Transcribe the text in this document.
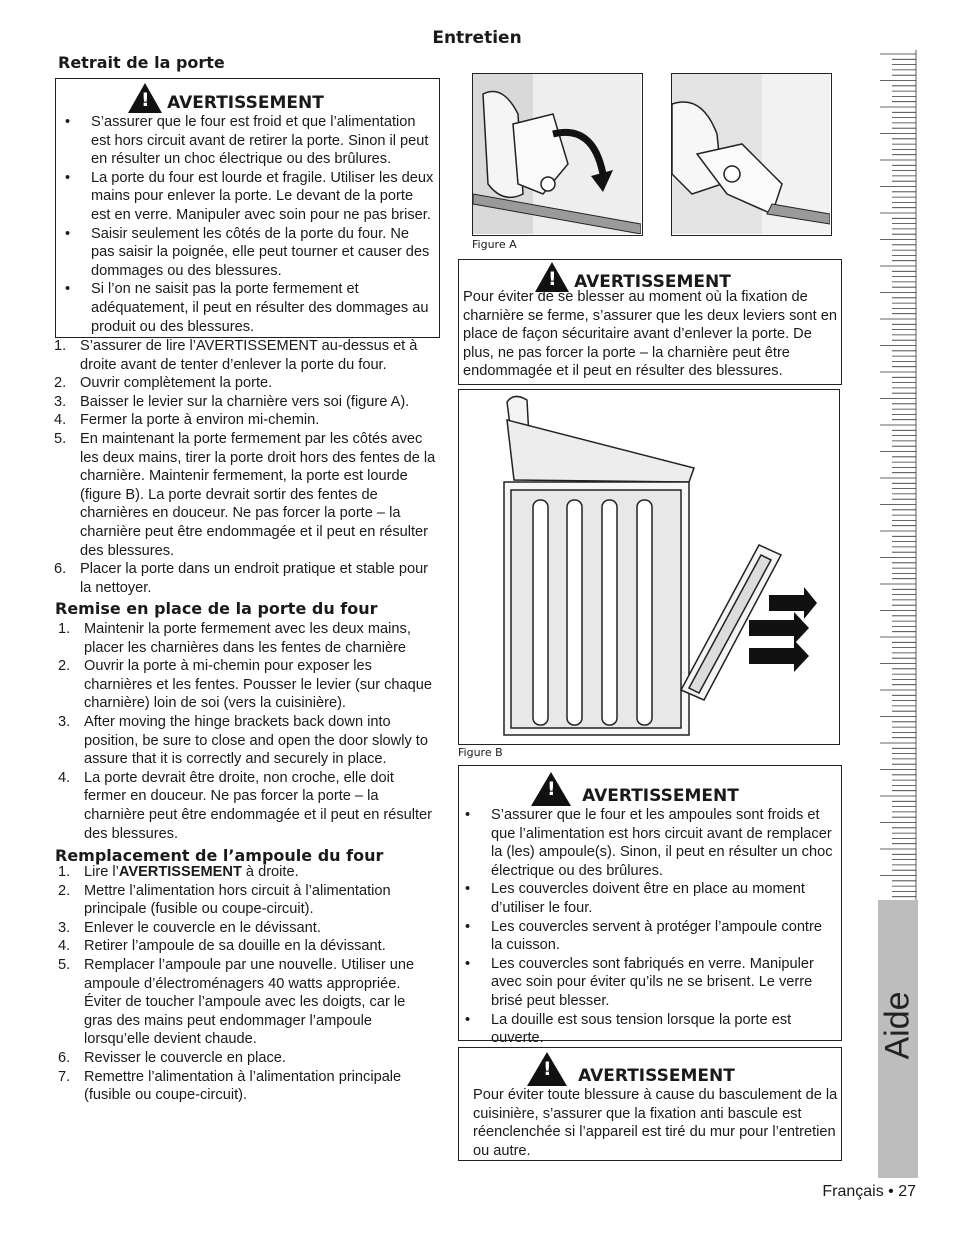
Entretien
Retrait de la porte
! AVERTISSEMENT
• S’assurer que le four est froid et que l’alimentation est hors circuit avant de retirer la porte. Sinon il peut en résulter un choc électrique ou des brûlures.
• La porte du four est lourde et fragile. Utiliser les deux mains pour enlever la porte. Le devant de la porte est en verre. Manipuler avec soin pour ne pas briser.
• Saisir seulement les côtés de la porte du four. Ne pas saisir la poignée, elle peut tourner et causer des dommages ou des blessures.
• Si l’on ne saisit pas la porte fermement et adéquatement, il peut en résulter des dommages au produit ou des blessures.
1. S’assurer de lire l’AVERTISSEMENT au-dessus et à droite avant de tenter d’enlever la porte du four.
2. Ouvrir complètement la porte.
3. Baisser le levier sur la charnière vers soi (figure A).
4. Fermer la porte à environ mi-chemin.
5. En maintenant la porte fermement par les côtés avec les deux mains, tirer la porte droit hors des fentes de la charnière. Maintenir fermement, la porte est lourde (figure B). La porte devrait sortir des fentes de charnières en douceur. Ne pas forcer la porte – la charnière peut être endommagée et il peut en résulter des blessures.
6. Placer la porte dans un endroit pratique et stable pour la nettoyer.
Remise en place de la porte du four
1. Maintenir la porte fermement avec les deux mains, placer les charnières dans les fentes de charnière
2. Ouvrir la porte à mi-chemin pour exposer les charnières et les fentes. Pousser le levier (sur chaque charnière) loin de soi (vers la cuisinière).
3. After moving the hinge brackets back down into position, be sure to close and open the door slowly to assure that it is correctly and securely in place.
4. La porte devrait être droite, non croche, elle doit fermer en douceur. Ne pas forcer la porte – la charnière peut être endommagée et il peut en résulter des blessures.
Remplacement de l’ampoule du four
1. Lire l’AVERTISSEMENT à droite.
2. Mettre l’alimentation hors circuit à l’alimentation principale (fusible ou coupe-circuit).
3. Enlever le couvercle en le dévissant.
4. Retirer l’ampoule de sa douille en la dévissant.
5. Remplacer l’ampoule par une nouvelle. Utiliser une ampoule d’électroménagers 40 watts appropriée. Éviter de toucher l’ampoule avec les doigts, car le gras des mains peut endommager l’ampoule lorsqu’elle devient chaude.
6. Revisser le couvercle en place.
7. Remettre l’alimentation à l’alimentation principale (fusible ou coupe-circuit).
Figure A
! AVERTISSEMENT
Pour éviter de se blesser au moment où la fixation de charnière se ferme, s’assurer que les deux leviers sont en place de façon sécuritaire avant d’enlever la porte. De plus, ne pas forcer la porte – la charnière peut être endommagée et il peut en résulter des blessures.
Figure B
! AVERTISSEMENT
• S’assurer que le four et les ampoules sont froids et que l’alimentation est hors circuit avant de remplacer la (les) ampoule(s). Sinon, il peut en résulter un choc électrique ou des brûlures.
• Les couvercles doivent être en place au moment d’utiliser le four.
• Les couvercles servent à protéger l’ampoule contre la cuisson.
• Les couvercles sont fabriqués en verre. Manipuler avec soin pour éviter qu’ils ne se brisent. Le verre brisé peut blesser.
• La douille est sous tension lorsque la porte est ouverte.
! AVERTISSEMENT
Pour éviter toute blessure à cause du basculement de la cuisinière, s’assurer que la fixation anti bascule est réenclenchée si l’appareil est tiré du mur pour l’entretien ou autre.
Aide
Français • 27
